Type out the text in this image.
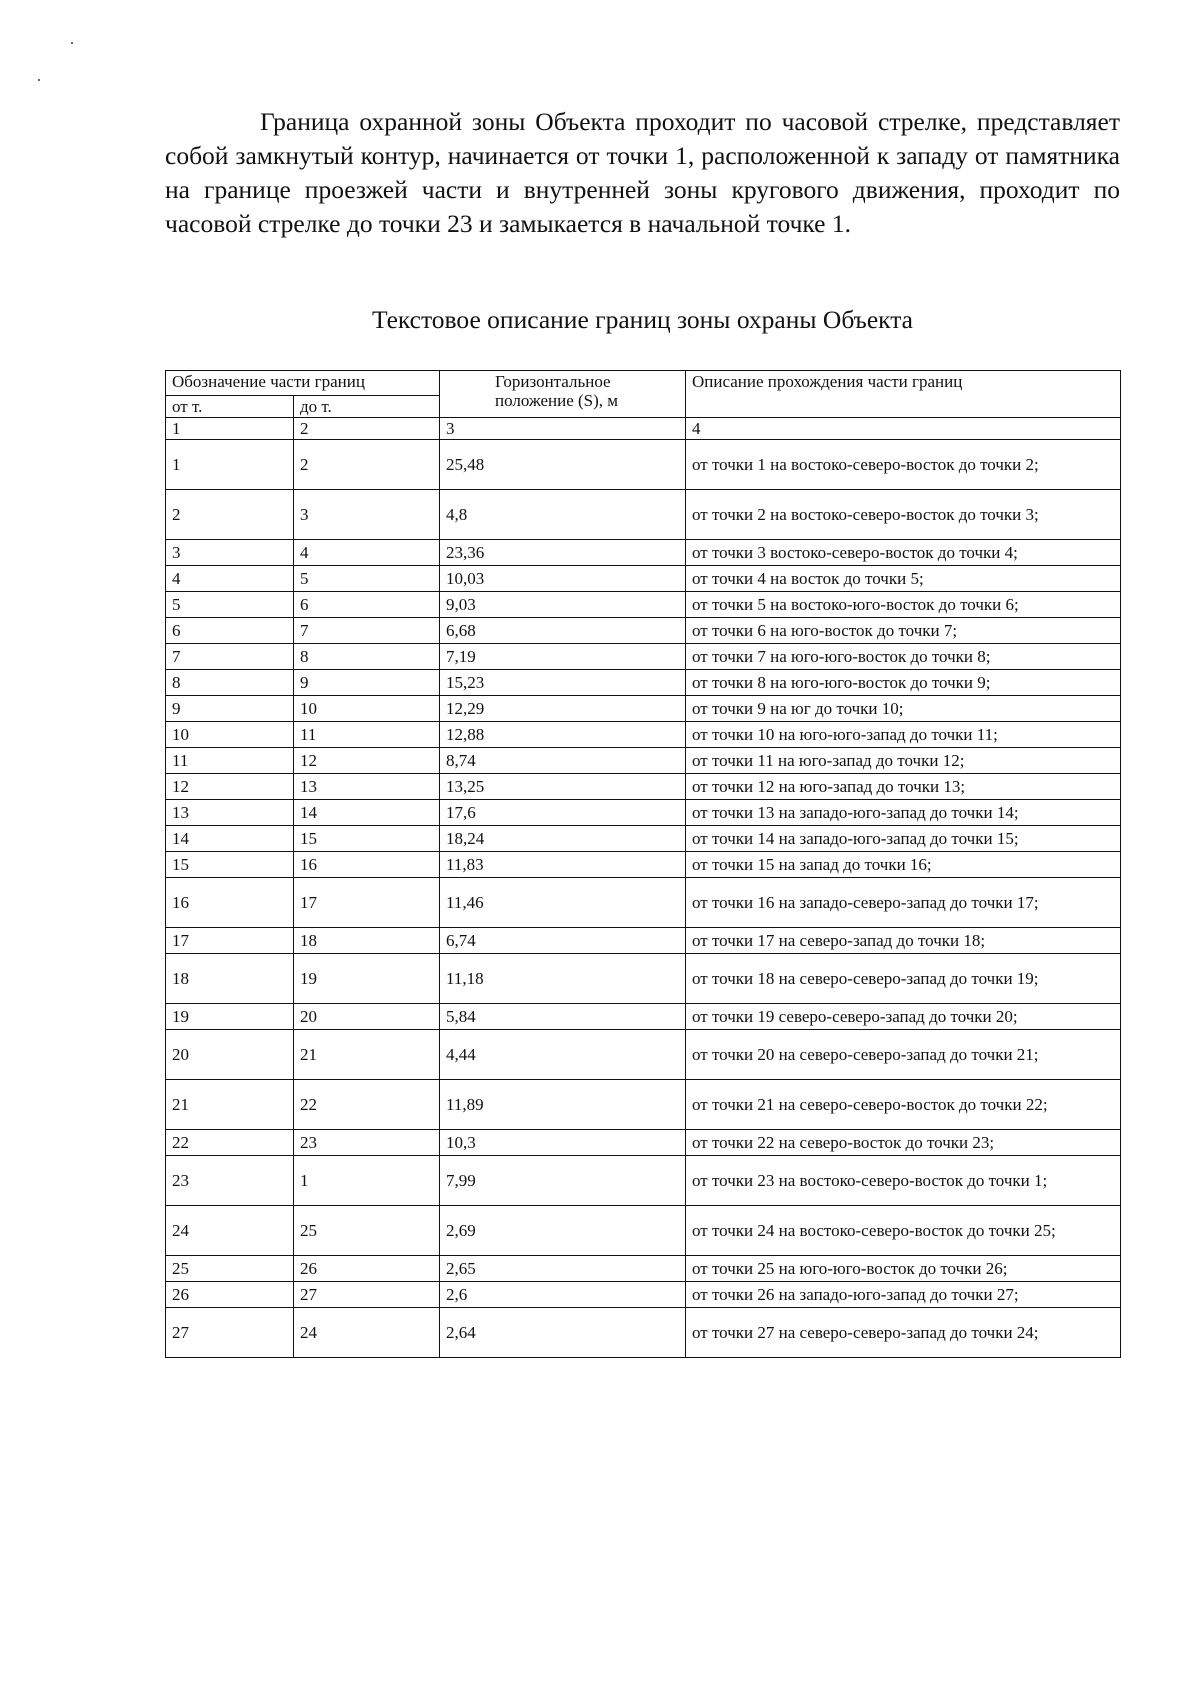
Граница охранной зоны Объекта проходит по часовой стрелке, представляет собой замкнутый контур, начинается от точки 1, расположенной к западу от памятника на границе проезжей части и внутренней зоны кругового движения, проходит по часовой стрелке до точки 23 и замыкается в начальной точке 1.

Текстовое описание границ зоны охраны Объекта

Обозначение части границ		Горизонтальное положение (S), м	Описание прохождения части границ
от т.	до т.		
1	2	3	4
1	2	25,48	от точки 1 на востоко-северо-восток до точки 2;
2	3	4,8	от точки 2 на востоко-северо-восток до точки 3;
3	4	23,36	от точки 3 востоко-северо-восток до точки 4;
4	5	10,03	от точки 4 на восток до точки 5;
5	6	9,03	от точки 5 на востоко-юго-восток до точки 6;
6	7	6,68	от точки 6 на юго-восток до точки 7;
7	8	7,19	от точки 7 на юго-юго-восток до точки 8;
8	9	15,23	от точки 8 на юго-юго-восток до точки 9;
9	10	12,29	от точки 9 на юг до точки 10;
10	11	12,88	от точки 10 на юго-юго-запад до точки 11;
11	12	8,74	от точки 11 на юго-запад до точки 12;
12	13	13,25	от точки 12 на юго-запад до точки 13;
13	14	17,6	от точки 13 на западо-юго-запад до точки 14;
14	15	18,24	от точки 14 на западо-юго-запад до точки 15;
15	16	11,83	от точки 15 на запад до точки 16;
16	17	11,46	от точки 16 на западо-северо-запад до точки 17;
17	18	6,74	от точки 17 на северо-запад до точки 18;
18	19	11,18	от точки 18 на северо-северо-запад до точки 19;
19	20	5,84	от точки 19 северо-северо-запад до точки 20;
20	21	4,44	от точки 20 на северо-северо-запад до точки 21;
21	22	11,89	от точки 21 на северо-северо-восток до точки 22;
22	23	10,3	от точки 22 на северо-восток до точки 23;
23	1	7,99	от точки 23 на востоко-северо-восток до точки 1;
24	25	2,69	от точки 24 на востоко-северо-восток до точки 25;
25	26	2,65	от точки 25 на юго-юго-восток до точки 26;
26	27	2,6	от точки 26 на западо-юго-запад до точки 27;
27	24	2,64	от точки 27 на северо-северо-запад до точки 24;
